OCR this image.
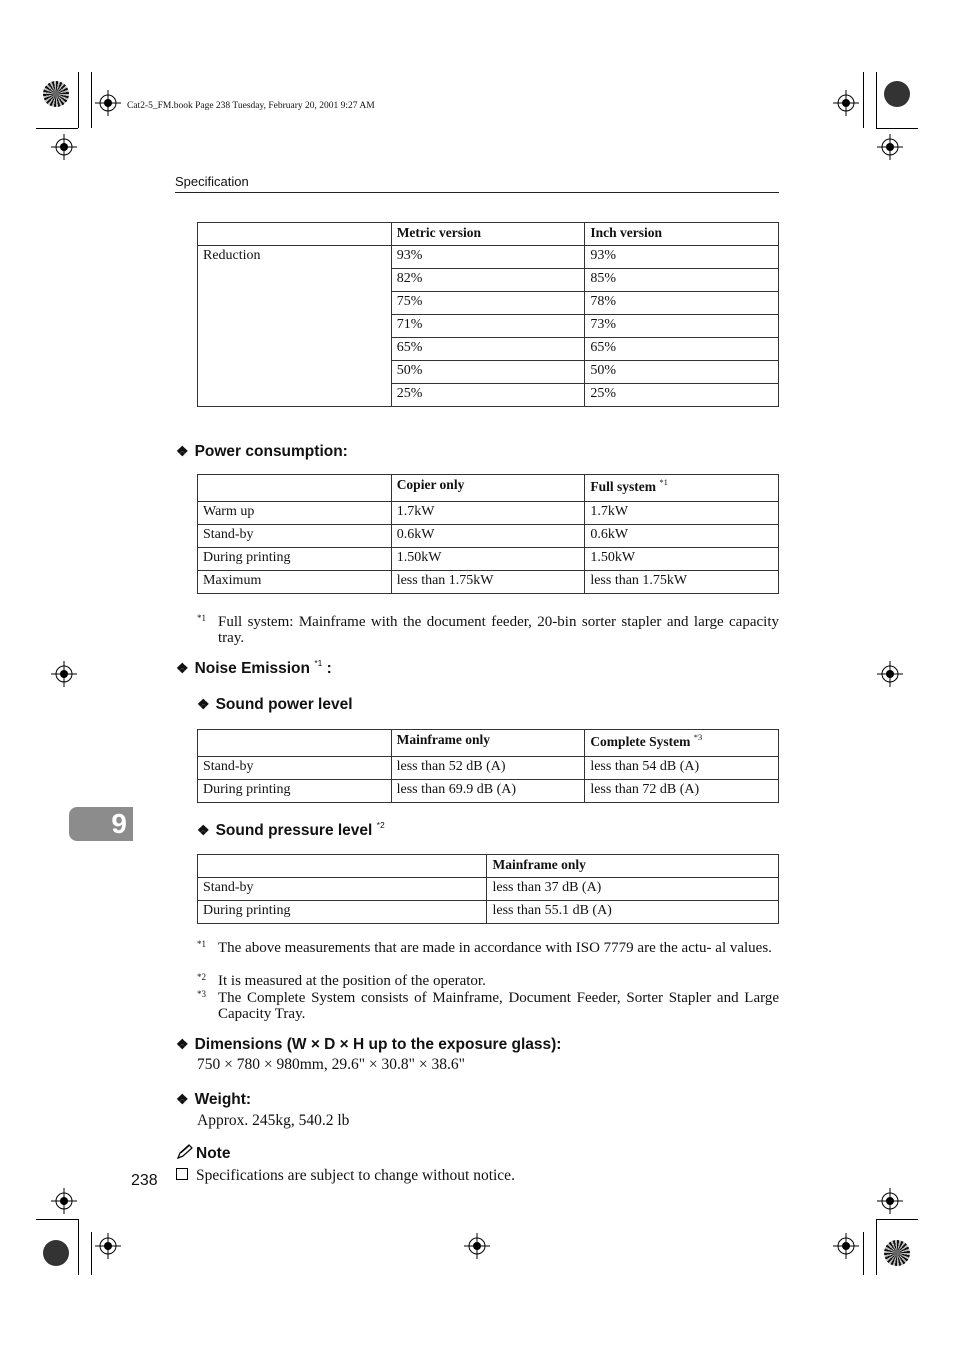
Cat2-5_FM.book Page 238 Tuesday, February 20, 2001 9:27 AM
Specification
	Metric version	Inch version
Reduction	93%	93%
	82%	85%
	75%	78%
	71%	73%
	65%	65%
	50%	50%
	25%	25%
❖ Power consumption:
	Copier only	Full system $^{*1}$
Warm up	1.7kW	1.7kW
Stand-by	0.6kW	0.6kW
During printing	1.50kW	1.50kW
Maximum	less than 1.75kW	less than 1.75kW
*1 Full system: Mainframe with the document feeder, 20-bin sorter stapler and large capacity tray.
❖ Noise Emission $^{*1}$ :
❖ Sound power level
	Mainframe only	Complete System $^{*3}$
Stand-by	less than 52 dB (A)	less than 54 dB (A)
During printing	less than 69.9 dB (A)	less than 72 dB (A)
9	❖ Sound pressure level $^{*2}$
	Mainframe only
Stand-by	less than 37 dB (A)
During printing	less than 55.1 dB (A)
*1 The above measurements that are made in accordance with ISO 7779 are the actu- al values.
*2 It is measured at the position of the operator.
*3 The Complete System consists of Mainframe, Document Feeder, Sorter Stapler and Large Capacity Tray.
❖ Dimensions (W × D × H up to the exposure glass):
750 × 780 × 980mm, 29.6" × 30.8" × 38.6"
❖ Weight:
Approx. 245kg, 540.2 lb
Note
Specifications are subject to change without notice.
238
